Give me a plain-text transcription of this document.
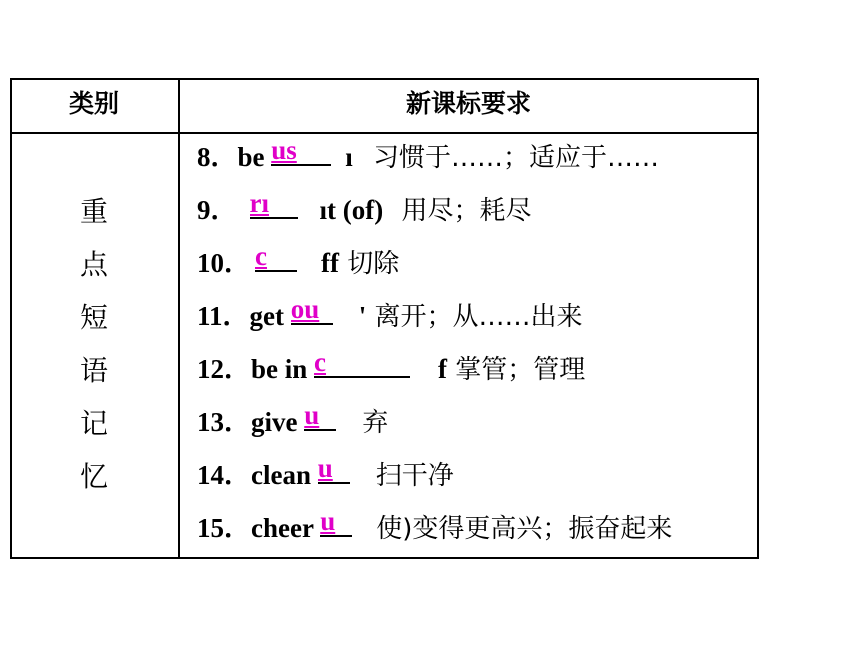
类别	新课标要求
重
点
短
语
记
忆
8．be us ı 习惯于……；适应于……
9． rı ıt (of) 用尽；耗尽
10． c ff 切除
11．get ou ' 离开；从……出来
12．be in c	f 掌管；管理
13．give u 弃
14．clean u 扫干净
15．cheer u 使)变得更高兴；振奋起来
